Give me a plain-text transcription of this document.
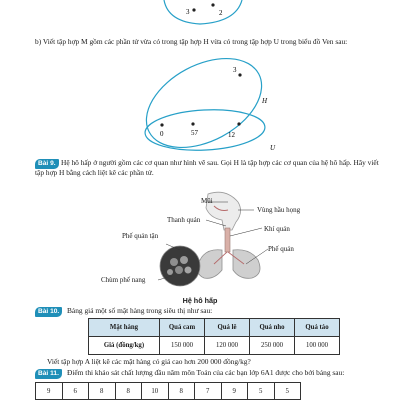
3	2
b) Viết tập hợp M gồm các phần tử vừa có trong tập hợp H vừa có trong tập hợp U trong biểu đồ Ven sau:
3
0	57	12
H
U
Bài 9. Hệ hô hấp ở người gồm các cơ quan như hình vẽ sau. Gọi H là tập hợp các cơ quan của hệ hô hấp. Hãy viết tập hợp H bằng cách liệt kê các phần tử.
Mũi
Vùng hầu họng
Thanh quản
Khí quản
Phế quản tận
Phế quản
Chùm phế nang
Hệ hô hấp
Bài 10.	Bảng giá một số mặt hàng trong siêu thị như sau:
Mặt hàng	Quả cam	Quả lê	Quả nho	Quả táo
Giá (đồng/kg)	150 000	120 000	250 000	100 000
Viết tập hợp A liệt kê các mặt hàng có giá cao hơn 200 000 đồng/kg?
Bài 11.	Điểm thi khảo sát chất lượng đầu năm môn Toán của các bạn lớp 6A1 được cho bởi bảng sau:
9	6	8	8	10	8	7	9	5	5
